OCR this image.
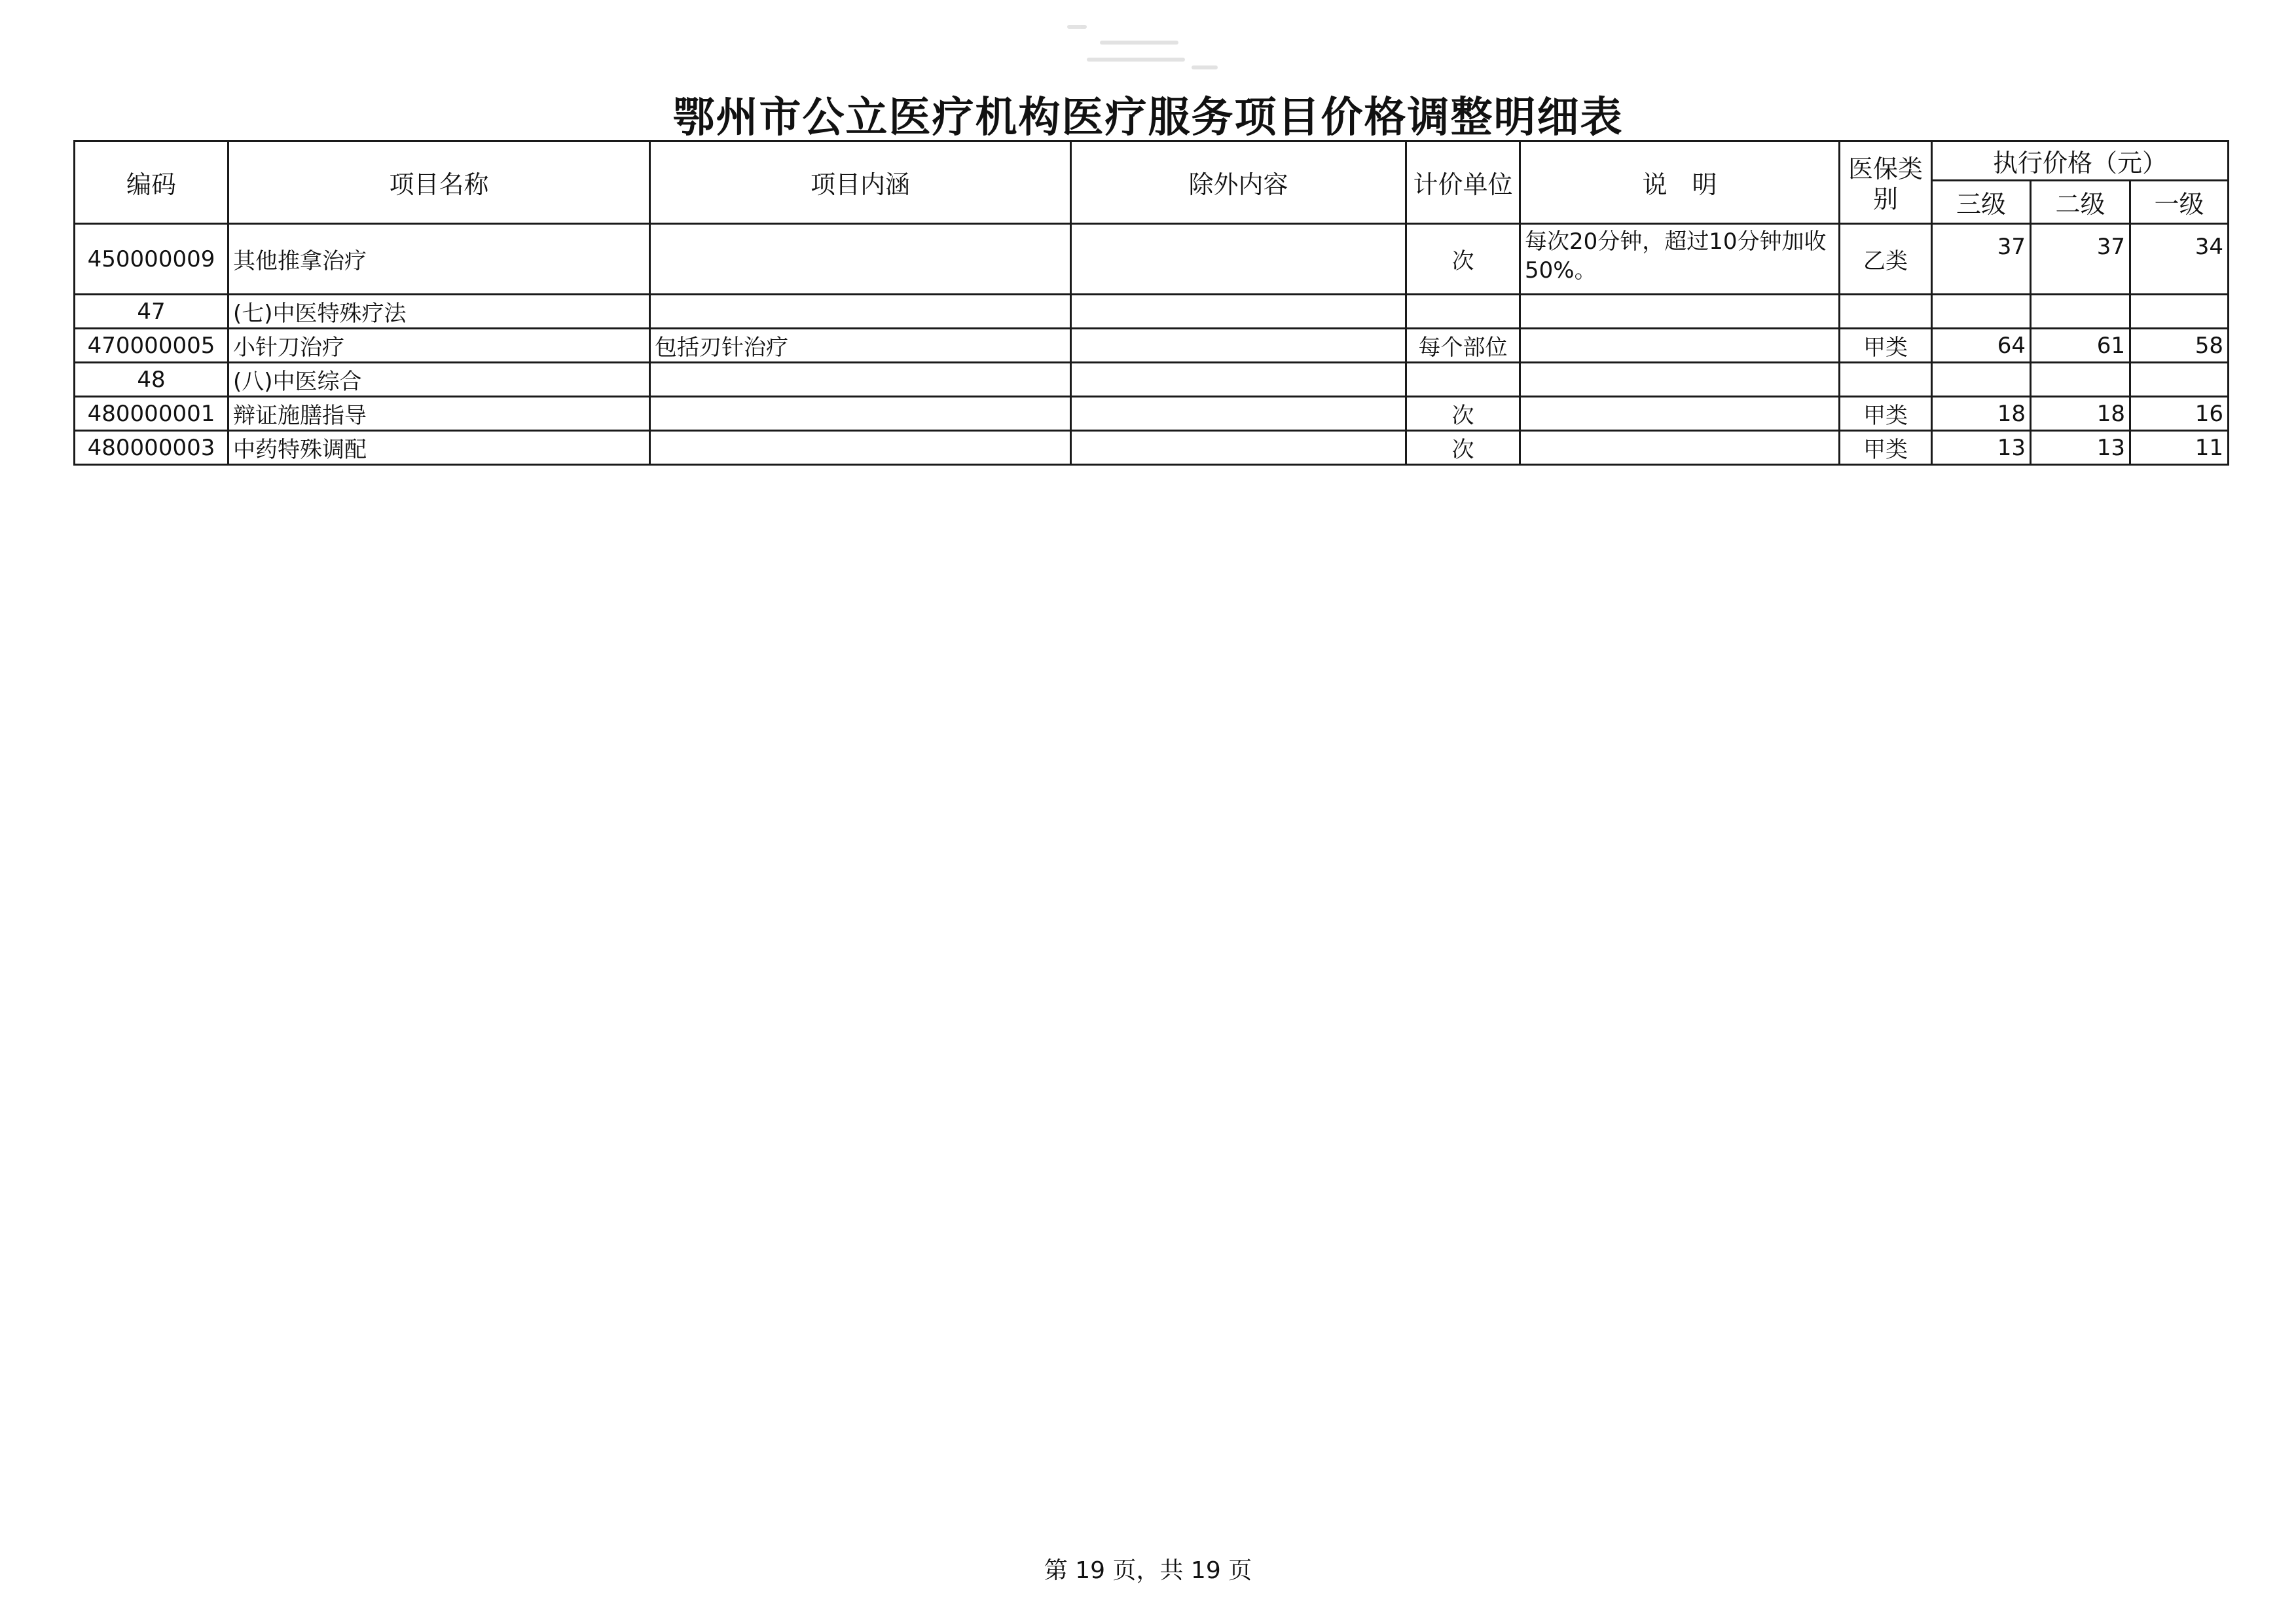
鄂州市公立医疗机构医疗服务项目价格调整明细表
编码	项目名称	项目内涵	除外内容	计价单位	说　明	医保类别	执行价格（元）		
							三级	二级	一级
450000009	其他推拿治疗			次	每次20分钟，超过10分钟加收50%。	乙类	37	37	34
47	(七)中医特殊疗法								
470000005	小针刀治疗	包括刃针治疗		每个部位		甲类	64	61	58
48	(八)中医综合								
480000001	辩证施膳指导			次		甲类	18	18	16
480000003	中药特殊调配			次		甲类	13	13	11
第 19 页，共 19 页
